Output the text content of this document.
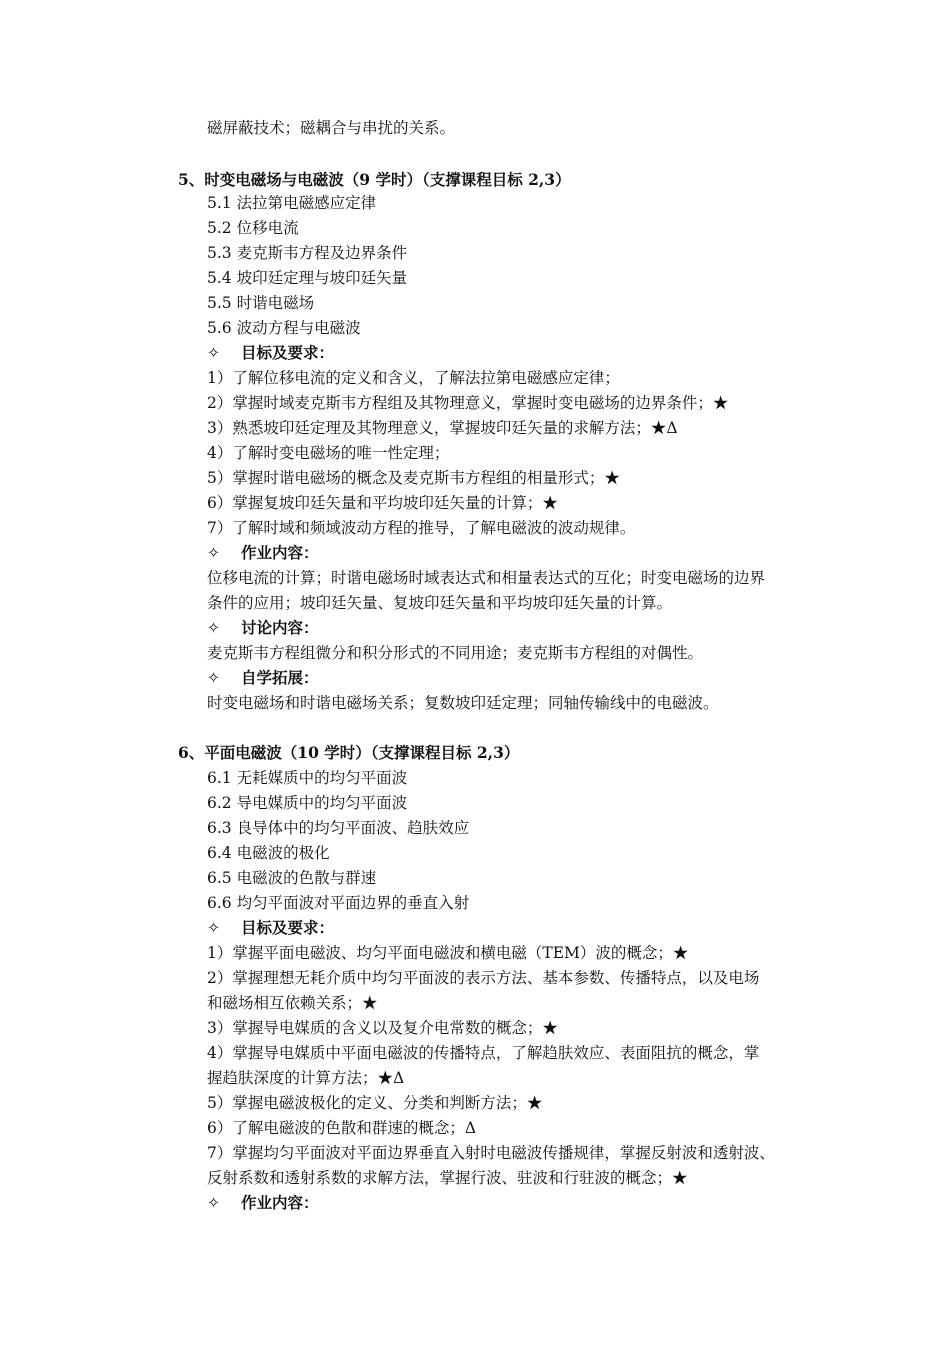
磁屏蔽技术；磁耦合与串扰的关系。
5、时变电磁场与电磁波（9 学时）（支撑课程目标 2,3）
5.1 法拉第电磁感应定律
5.2 位移电流
5.3 麦克斯韦方程及边界条件
5.4 坡印廷定理与坡印廷矢量
5.5 时谐电磁场
5.6 波动方程与电磁波
✧ 目标及要求：
1）了解位移电流的定义和含义，了解法拉第电磁感应定律；
2）掌握时域麦克斯韦方程组及其物理意义，掌握时变电磁场的边界条件；★
3）熟悉坡印廷定理及其物理意义，掌握坡印廷矢量的求解方法；★Δ
4）了解时变电磁场的唯一性定理；
5）掌握时谐电磁场的概念及麦克斯韦方程组的相量形式；★
6）掌握复坡印廷矢量和平均坡印廷矢量的计算；★
7）了解时域和频域波动方程的推导，了解电磁波的波动规律。
✧ 作业内容：
位移电流的计算；时谐电磁场时域表达式和相量表达式的互化；时变电磁场的边界
条件的应用；坡印廷矢量、复坡印廷矢量和平均坡印廷矢量的计算。
✧ 讨论内容：
麦克斯韦方程组微分和积分形式的不同用途；麦克斯韦方程组的对偶性。
✧ 自学拓展：
时变电磁场和时谐电磁场关系；复数坡印廷定理；同轴传输线中的电磁波。
6、平面电磁波（10 学时）（支撑课程目标 2,3）
6.1 无耗媒质中的均匀平面波
6.2 导电媒质中的均匀平面波
6.3 良导体中的均匀平面波、趋肤效应
6.4 电磁波的极化
6.5 电磁波的色散与群速
6.6 均匀平面波对平面边界的垂直入射
✧ 目标及要求：
1）掌握平面电磁波、均匀平面电磁波和横电磁（TEM）波的概念；★
2）掌握理想无耗介质中均匀平面波的表示方法、基本参数、传播特点，以及电场
和磁场相互依赖关系；★
3）掌握导电媒质的含义以及复介电常数的概念；★
4）掌握导电媒质中平面电磁波的传播特点，了解趋肤效应、表面阻抗的概念，掌
握趋肤深度的计算方法；★Δ
5）掌握电磁波极化的定义、分类和判断方法；★
6）了解电磁波的色散和群速的概念；Δ
7）掌握均匀平面波对平面边界垂直入射时电磁波传播规律，掌握反射波和透射波、
反射系数和透射系数的求解方法，掌握行波、驻波和行驻波的概念；★
✧ 作业内容：
